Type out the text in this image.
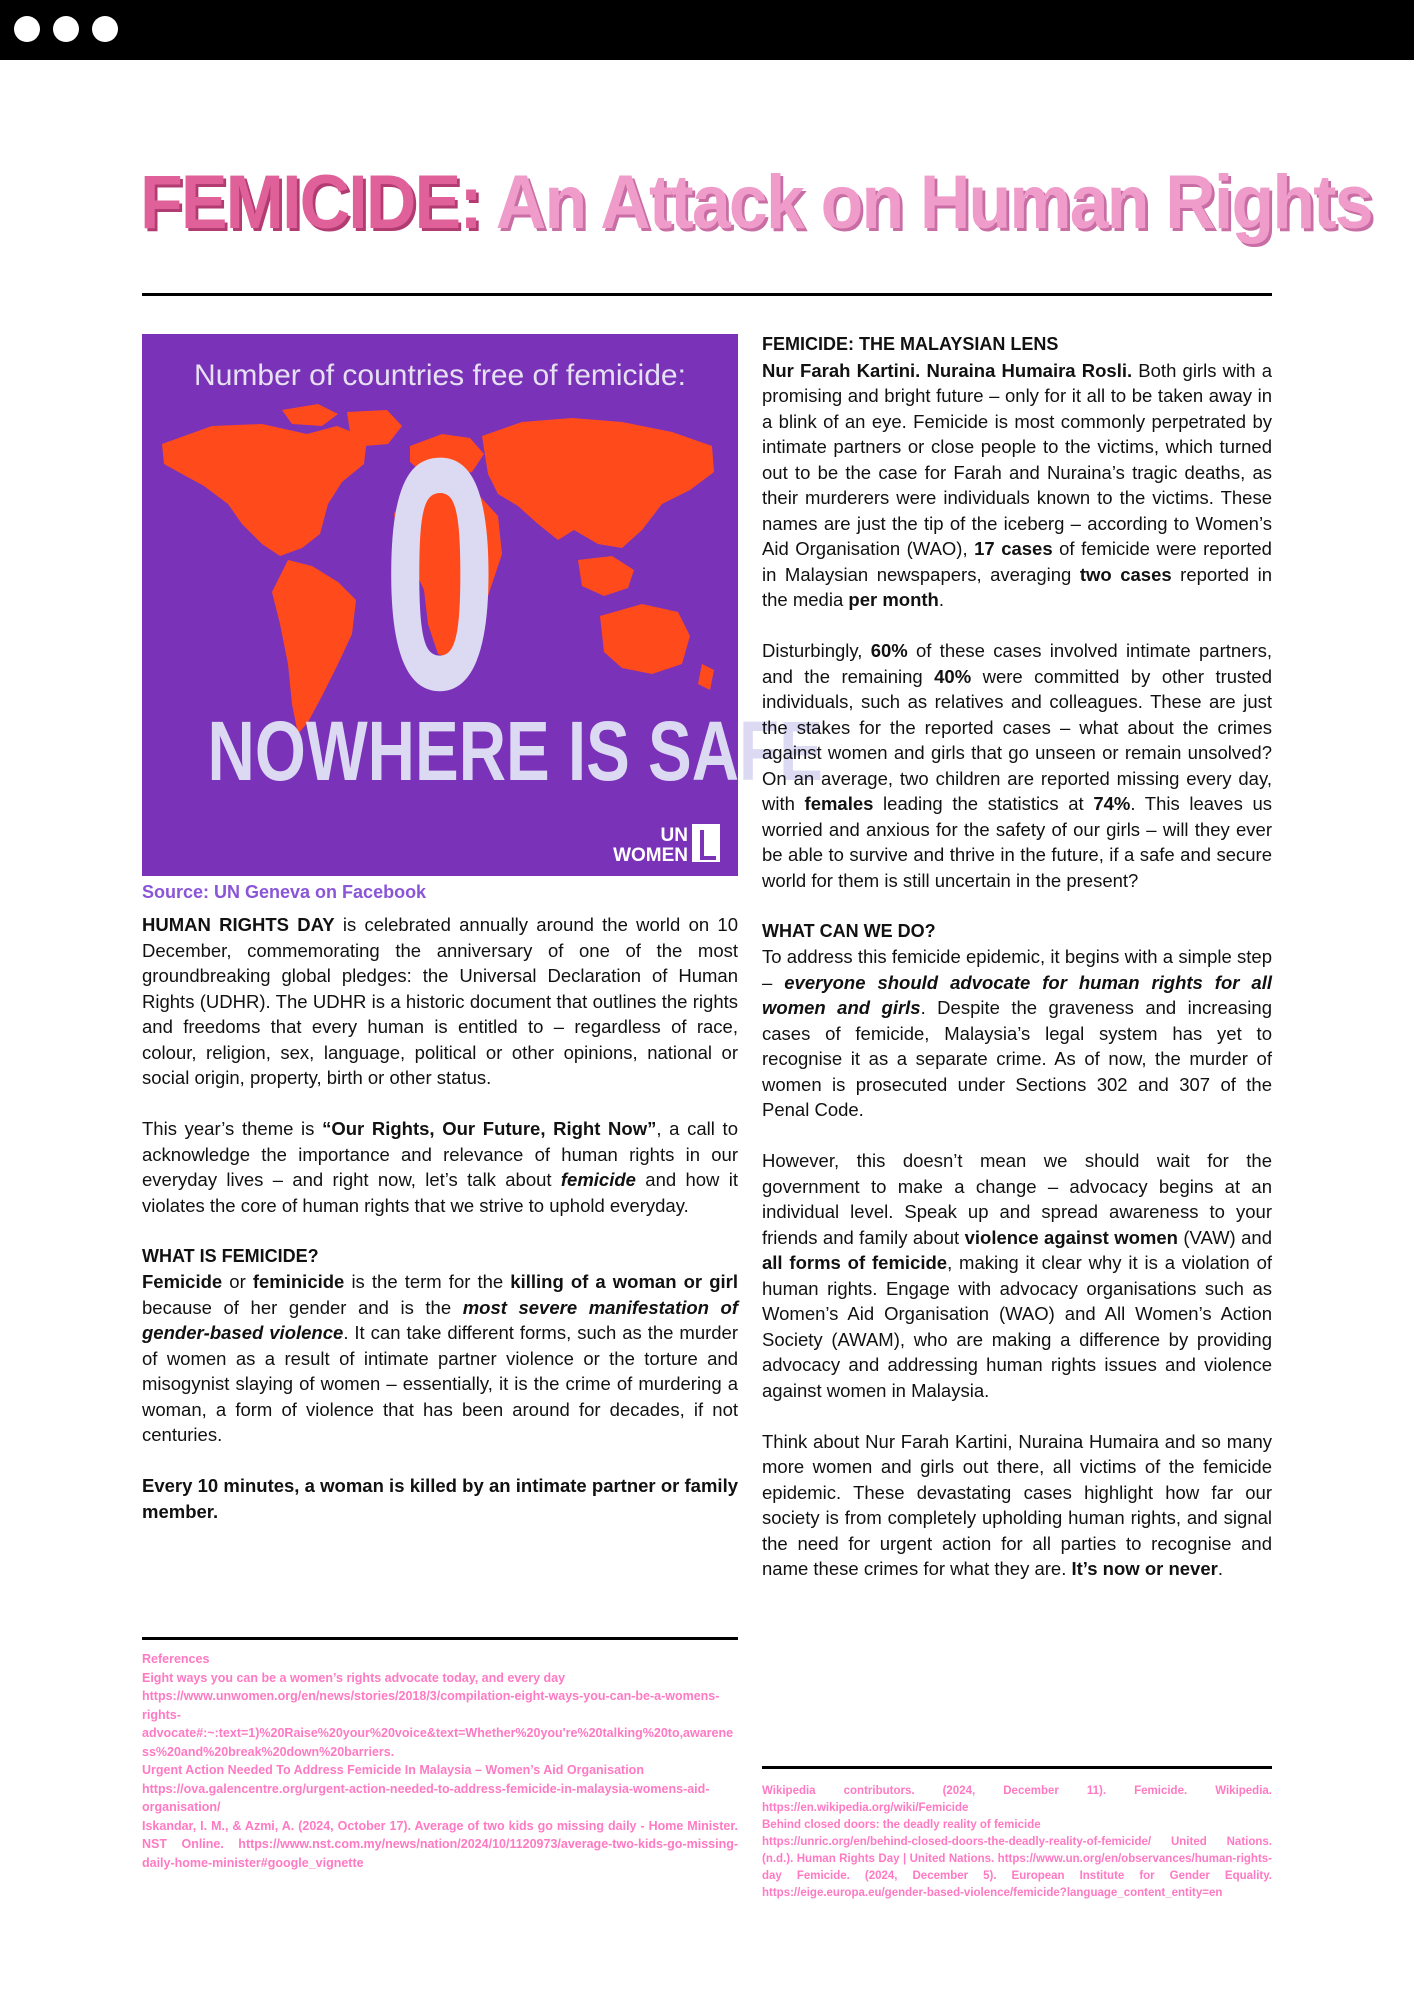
FEMICIDE: An Attack on Human Rights
Number of countries free of femicide:
0
NOWHERE IS SAFE
UN
WOMEN
Source: UN Geneva on Facebook

HUMAN RIGHTS DAY is celebrated annually around the world on 10 December, commemorating the anniversary of one of the most groundbreaking global pledges: the Universal Declaration of Human Rights (UDHR). The UDHR is a historic document that outlines the rights and freedoms that every human is entitled to – regardless of race, colour, religion, sex, language, political or other opinions, national or social origin, property, birth or other status.

This year’s theme is “Our Rights, Our Future, Right Now”, a call to acknowledge the importance and relevance of human rights in our everyday lives – and right now, let’s talk about femicide and how it violates the core of human rights that we strive to uphold everyday.

WHAT IS FEMICIDE?

Femicide or feminicide is the term for the killing of a woman or girl because of her gender and is the most severe manifestation of gender-based violence. It can take different forms, such as the murder of women as a result of intimate partner violence or the torture and misogynist slaying of women – essentially, it is the crime of murdering a woman, a form of violence that has been around for decades, if not centuries.

Every 10 minutes, a woman is killed by an intimate partner or family member.

References

Eight ways you can be a women’s rights advocate today, and every day

https://www.unwomen.org/en/news/stories/2018/3/compilation-eight-ways-you-can-be-a-womens-rights-advocate#:~:text=1)%20Raise%20your%20voice&text=Whether%20you're%20talking%20to,awareness%20and%20break%20down%20barriers.

Urgent Action Needed To Address Femicide In Malaysia – Women’s Aid Organisation

https://ova.galencentre.org/urgent-action-needed-to-address-femicide-in-malaysia-womens-aid-organisation/

Iskandar, I. M., & Azmi, A. (2024, October 17). Average of two kids go missing daily - Home Minister. NST Online. https://www.nst.com.my/news/nation/2024/10/1120973/average-two-kids-go-missing-daily-home-minister#google_vignette

FEMICIDE: THE MALAYSIAN LENS

Nur Farah Kartini. Nuraina Humaira Rosli. Both girls with a promising and bright future – only for it all to be taken away in a blink of an eye. Femicide is most commonly perpetrated by intimate partners or close people to the victims, which turned out to be the case for Farah and Nuraina’s tragic deaths, as their murderers were individuals known to the victims. These names are just the tip of the iceberg – according to Women’s Aid Organisation (WAO), 17 cases of femicide were reported in Malaysian newspapers, averaging two cases reported in the media per month.

Disturbingly, 60% of these cases involved intimate partners, and the remaining 40% were committed by other trusted individuals, such as relatives and colleagues. These are just the stakes for the reported cases – what about the crimes against women and girls that go unseen or remain unsolved? On an average, two children are reported missing every day, with females leading the statistics at 74%. This leaves us worried and anxious for the safety of our girls – will they ever be able to survive and thrive in the future, if a safe and secure world for them is still uncertain in the present?

WHAT CAN WE DO?

To address this femicide epidemic, it begins with a simple step – everyone should advocate for human rights for all women and girls. Despite the graveness and increasing cases of femicide, Malaysia’s legal system has yet to recognise it as a separate crime. As of now, the murder of women is prosecuted under Sections 302 and 307 of the Penal Code.

However, this doesn’t mean we should wait for the government to make a change – advocacy begins at an individual level. Speak up and spread awareness to your friends and family about violence against women (VAW) and all forms of femicide, making it clear why it is a violation of human rights. Engage with advocacy organisations such as Women’s Aid Organisation (WAO) and All Women’s Action Society (AWAM), who are making a difference by providing advocacy and addressing human rights issues and violence against women in Malaysia.

Think about Nur Farah Kartini, Nuraina Humaira and so many more women and girls out there, all victims of the femicide epidemic. These devastating cases highlight how far our society is from completely upholding human rights, and signal the need for urgent action for all parties to recognise and name these crimes for what they are. It’s now or never.

Wikipedia contributors. (2024, December 11). Femicide. Wikipedia. https://en.wikipedia.org/wiki/Femicide

Behind closed doors: the deadly reality of femicide

https://unric.org/en/behind-closed-doors-the-deadly-reality-of-femicide/ United Nations. (n.d.). Human Rights Day | United Nations. https://www.un.org/en/observances/human-rights-day Femicide. (2024, December 5). European Institute for Gender Equality. https://eige.europa.eu/gender-based-violence/femicide?language_content_entity=en
